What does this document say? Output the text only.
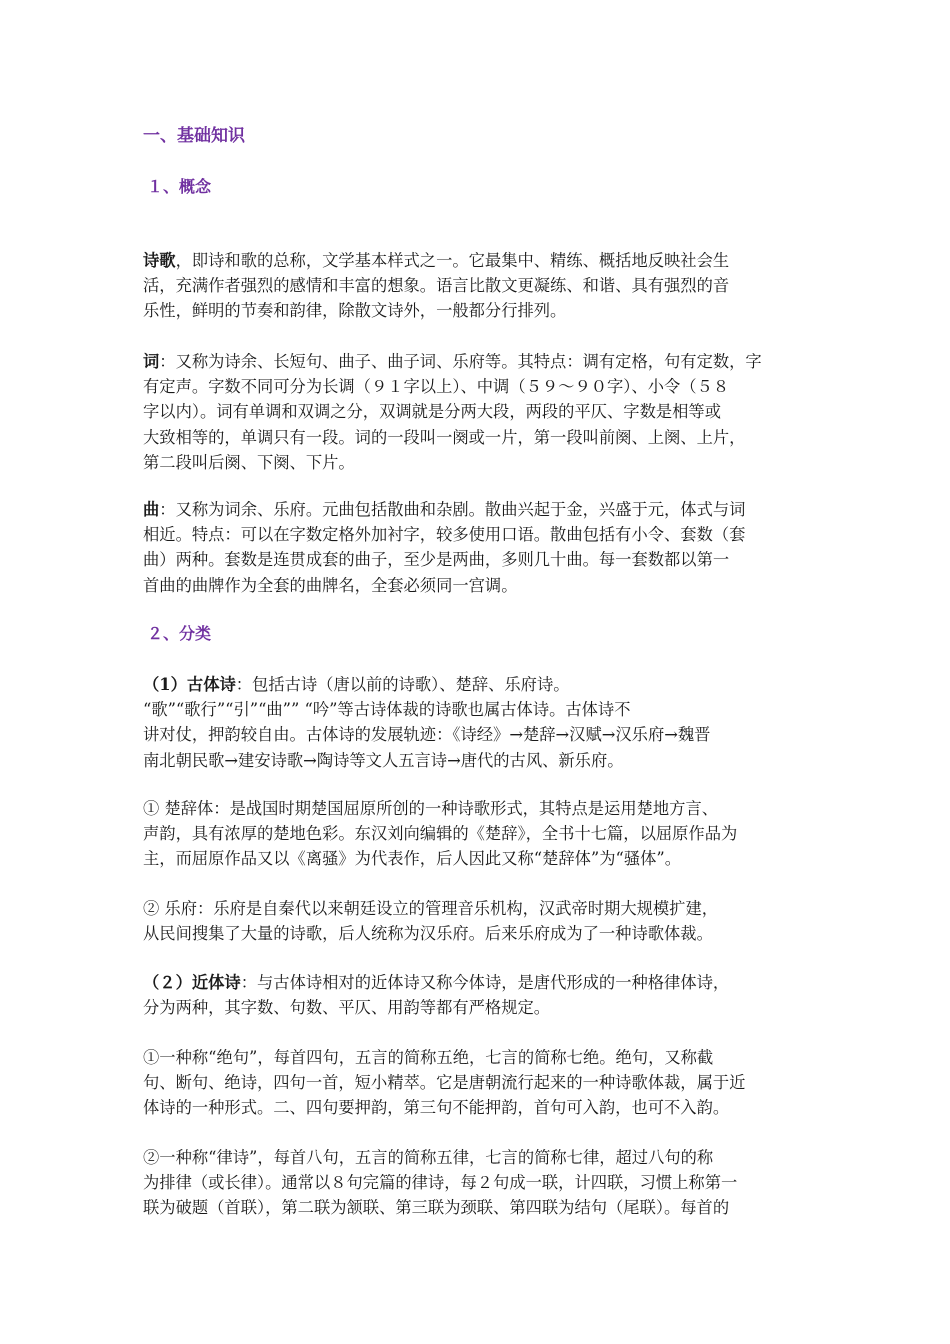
一、基础知识
１、概念
诗歌，即诗和歌的总称，文学基本样式之一。它最集中、精练、概括地反映社会生
活，充满作者强烈的感情和丰富的想象。语言比散文更凝练、和谐、具有强烈的音
乐性，鲜明的节奏和韵律，除散文诗外，一般都分行排列。
词：又称为诗余、长短句、曲子、曲子词、乐府等。其特点：调有定格，句有定数，字
有定声。字数不同可分为长调（９１字以上）、中调（５９～９０字）、小令（５８
字以内）。词有单调和双调之分，双调就是分两大段，两段的平仄、字数是相等或
大致相等的，单调只有一段。词的一段叫一阕或一片，第一段叫前阕、上阕、上片，
第二段叫后阕、下阕、下片。
曲：又称为词余、乐府。元曲包括散曲和杂剧。散曲兴起于金，兴盛于元，体式与词
相近。特点：可以在字数定格外加衬字，较多使用口语。散曲包括有小令、套数（套
曲）两种。套数是连贯成套的曲子，至少是两曲，多则几十曲。每一套数都以第一
首曲的曲牌作为全套的曲牌名，全套必须同一宫调。
２、分类
（1）古体诗：包括古诗（唐以前的诗歌）、楚辞、乐府诗。
“歌”“歌行”“引”“曲”” “吟”等古诗体裁的诗歌也属古体诗。古体诗不
讲对仗，押韵较自由。古体诗的发展轨迹：《诗经》→楚辞→汉赋→汉乐府→魏晋
南北朝民歌→建安诗歌→陶诗等文人五言诗→唐代的古风、新乐府。
① 楚辞体：是战国时期楚国屈原所创的一种诗歌形式，其特点是运用楚地方言、
声韵，具有浓厚的楚地色彩。东汉刘向编辑的《楚辞》，全书十七篇，以屈原作品为
主，而屈原作品又以《离骚》为代表作，后人因此又称“楚辞体”为“骚体”。
② 乐府：乐府是自秦代以来朝廷设立的管理音乐机构，汉武帝时期大规模扩建，
从民间搜集了大量的诗歌，后人统称为汉乐府。后来乐府成为了一种诗歌体裁。
（２）近体诗：与古体诗相对的近体诗又称今体诗，是唐代形成的一种格律体诗，
分为两种，其字数、句数、平仄、用韵等都有严格规定。
①一种称“绝句”，每首四句，五言的简称五绝，七言的简称七绝。绝句，又称截
句、断句、绝诗，四句一首，短小精萃。它是唐朝流行起来的一种诗歌体裁，属于近
体诗的一种形式。二、四句要押韵，第三句不能押韵，首句可入韵，也可不入韵。
②一种称“律诗”，每首八句，五言的简称五律，七言的简称七律，超过八句的称
为排律（或长律）。通常以８句完篇的律诗，每２句成一联，计四联，习惯上称第一
联为破题（首联），第二联为颔联、第三联为颈联、第四联为结句（尾联）。每首的
